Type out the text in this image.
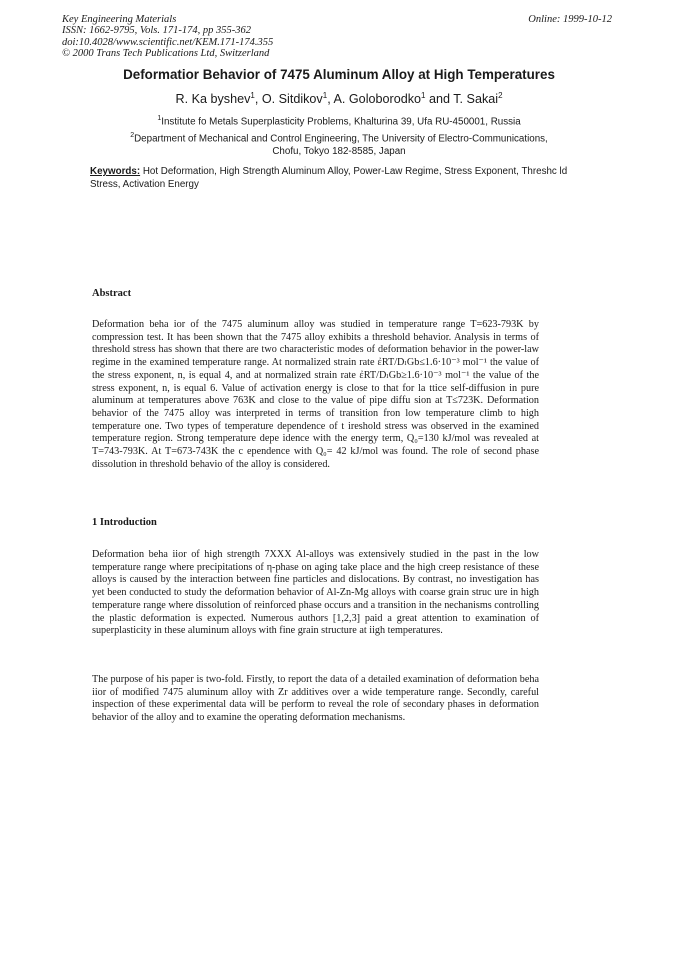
Key Engineering Materials
ISSN: 1662-9795, Vols. 171-174, pp 355-362
doi:10.4028/www.scientific.net/KEM.171-174.355
© 2000 Trans Tech Publications Ltd, Switzerland
Online: 1999-10-12
Deformatior Behavior of 7475 Aluminum Alloy at High Temperatures
R. Ka byshev$^1$, O. Sitdikov$^1$, A. Goloborodko$^1$ and T. Sakai$^2$
$^1$Institute fo Metals Superplasticity Problems, Khalturina 39, Ufa RU-450001, Russia
$^2$Department of Mechanical and Control Engineering, The University of Electro-Communications,
Chofu, Tokyo 182-8585, Japan
Keywords: Hot Deformation, High Strength Aluminum Alloy, Power-Law Regime, Stress Exponent, Threshc ld Stress, Activation Energy
Abstract
Deformation beha ior of the 7475 aluminum alloy was studied in temperature range T=623-793K by compression test. It has been shown that the 7475 alloy exhibits a threshold behavior. Analysis in terms of threshold stress has shown that there are two characteristic modes of deformation behavior in the power-law regime in the examined temperature range. At normalized strain rate ἐRT/DₗGb≤1.6·10⁻³ mol⁻¹ the value of the stress exponent, n, is equal 4, and at normalized strain rate ἐRT/DₗGb≥1.6·10⁻³ mol⁻¹ the value of the stress exponent, n, is equal 6. Value of activation energy is close to that for la ttice self-diffusion in pure aluminum at temperatures above 763K and close to the value of pipe diffu sion at T≤723K. Deformation behavior of the 7475 alloy was interpreted in terms of transition fron low temperature climb to high temperature one. Two types of temperature dependence of t ireshold stress was observed in the examined temperature region. Strong temperature depe idence with the energy term, Q₀=130 kJ/mol was revealed at T=743-793K. At T=673-743K the c ependence with Q₀= 42 kJ/mol was found. The role of second phase dissolution in threshold behavio of the alloy is considered.
1 Introduction
Deformation beha iior of high strength 7XXX Al-alloys was extensively studied in the past in the low temperature range where precipitations of η-phase on aging take place and the high creep resistance of these alloys is caused by the interaction between fine particles and dislocations. By contrast, no investigation has yet been conducted to study the deformation behavior of Al-Zn-Mg alloys with coarse grain struc ure in high temperature range where dissolution of reinforced phase occurs and a transition in the nechanisms controlling the plastic deformation is expected. Numerous authors [1,2,3] paid a great attention to examination of superplasticity in these aluminum alloys with fine grain structure at iigh temperatures.
The purpose of his paper is two-fold. Firstly, to report the data of a detailed examination of deformation beha iior of modified 7475 aluminum alloy with Zr additives over a wide temperature range. Secondly, careful inspection of these experimental data will be perform to reveal the role of secondary phases in deformation behavior of the alloy and to examine the operating deformation mechanisms.
